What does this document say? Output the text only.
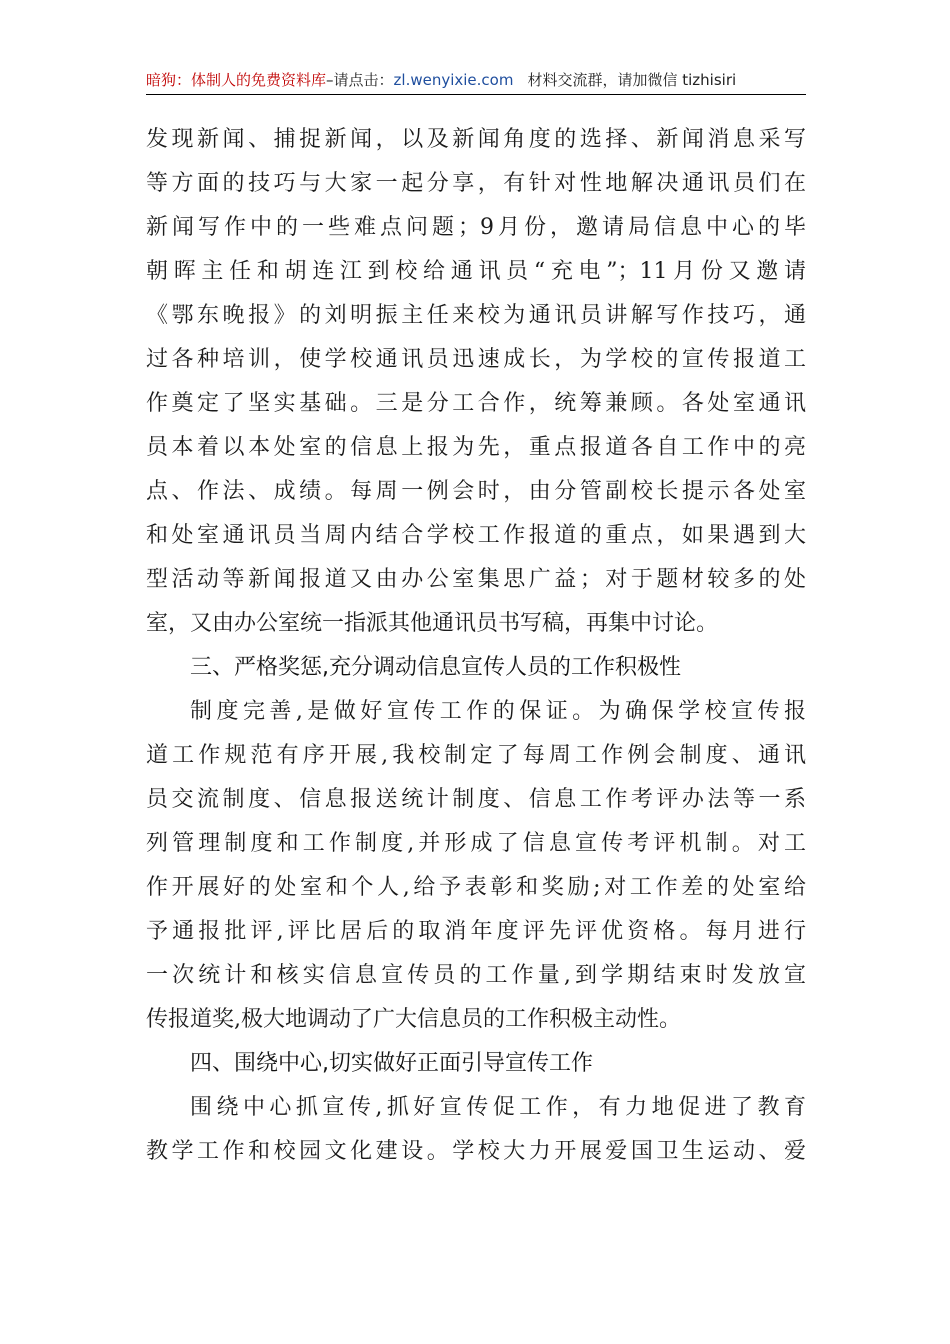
暗狗：体制人的免费资料库–请点击：zl.wenyixie.com 材料交流群，请加微信 tizhisiri
发现新闻、捕捉新闻，以及新闻角度的选择、新闻消息采写
等方面的技巧与大家一起分享，有针对性地解决通讯员们在
新闻写作中的一些难点问题；9月份，邀请局信息中心的毕
朝晖主任和胡连江到校给通讯员“充电”；11月份又邀请
《鄂东晚报》的刘明振主任来校为通讯员讲解写作技巧，通
过各种培训，使学校通讯员迅速成长，为学校的宣传报道工
作奠定了坚实基础。三是分工合作，统筹兼顾。各处室通讯
员本着以本处室的信息上报为先，重点报道各自工作中的亮
点、作法、成绩。每周一例会时，由分管副校长提示各处室
和处室通讯员当周内结合学校工作报道的重点，如果遇到大
型活动等新闻报道又由办公室集思广益；对于题材较多的处
室，又由办公室统一指派其他通讯员书写稿，再集中讨论。
三、严格奖惩,充分调动信息宣传人员的工作积极性
制度完善,是做好宣传工作的保证。为确保学校宣传报
道工作规范有序开展,我校制定了每周工作例会制度、通讯
员交流制度、信息报送统计制度、信息工作考评办法等一系
列管理制度和工作制度,并形成了信息宣传考评机制。对工
作开展好的处室和个人,给予表彰和奖励;对工作差的处室给
予通报批评,评比居后的取消年度评先评优资格。每月进行
一次统计和核实信息宣传员的工作量,到学期结束时发放宣
传报道奖,极大地调动了广大信息员的工作积极主动性。
四、围绕中心,切实做好正面引导宣传工作
围绕中心抓宣传,抓好宣传促工作，有力地促进了教育
教学工作和校园文化建设。学校大力开展爱国卫生运动、爱
